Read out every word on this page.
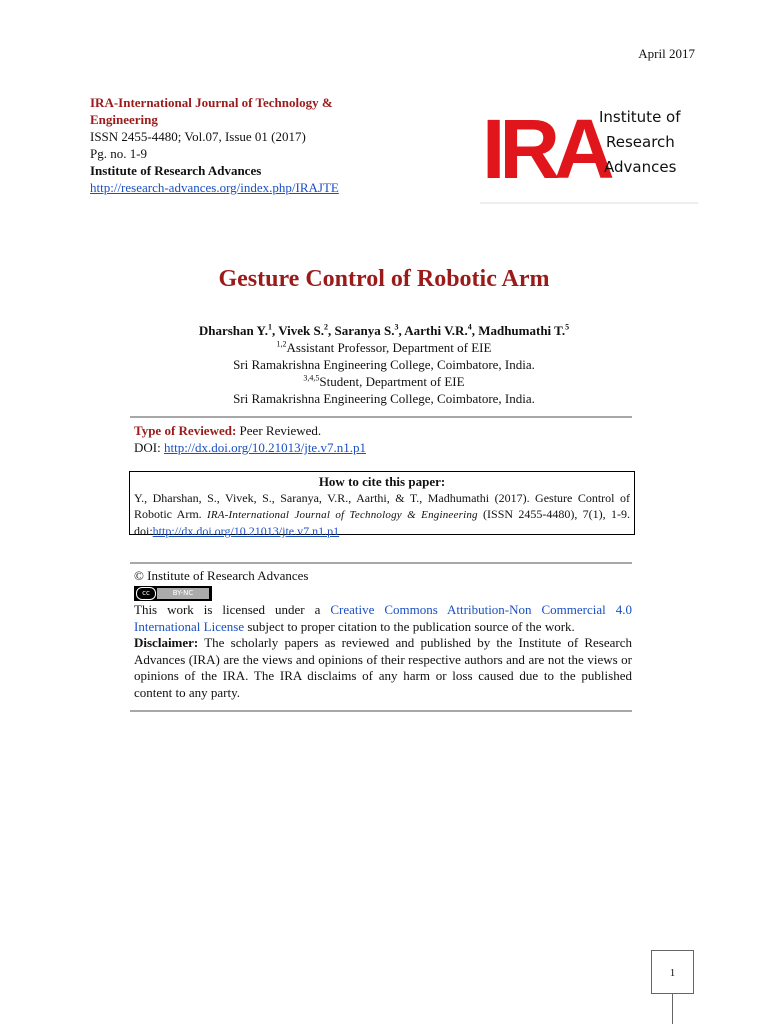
April 2017
IRA-International Journal of Technology & Engineering
ISSN 2455-4480; Vol.07, Issue 01 (2017)
Pg. no. 1-9
Institute of Research Advances
http://research-advances.org/index.php/IRAJTE	IRA
Institute of
Research
Advances
Gesture Control of Robotic Arm
Dharshan Y.$^1$, Vivek S.$^2$, Saranya S.$^3$, Aarthi V.R.$^4$, Madhumathi T.$^5$
$^{1,2}$Assistant Professor, Department of EIE
Sri Ramakrishna Engineering College, Coimbatore, India.
$^{3,4,5}$Student, Department of EIE
Sri Ramakrishna Engineering College, Coimbatore, India.
Type of Reviewed: Peer Reviewed.
DOI: http://dx.doi.org/10.21013/jte.v7.n1.p1
How to cite this paper:
Y., Dharshan, S., Vivek, S., Saranya, V.R., Aarthi, & T., Madhumathi (2017). Gesture Control of Robotic Arm. IRA-International Journal of Technology & Engineering (ISSN 2455-4480), 7(1), 1-9. doi:http://dx.doi.org/10.21013/jte.v7.n1.p1
© Institute of Research Advances
cc	BY-NC
This work is licensed under a Creative Commons Attribution-Non Commercial 4.0 International License subject to proper citation to the publication source of the work.
Disclaimer: The scholarly papers as reviewed and published by the Institute of Research Advances (IRA) are the views and opinions of their respective authors and are not the views or opinions of the IRA. The IRA disclaims of any harm or loss caused due to the published content to any party.
1
